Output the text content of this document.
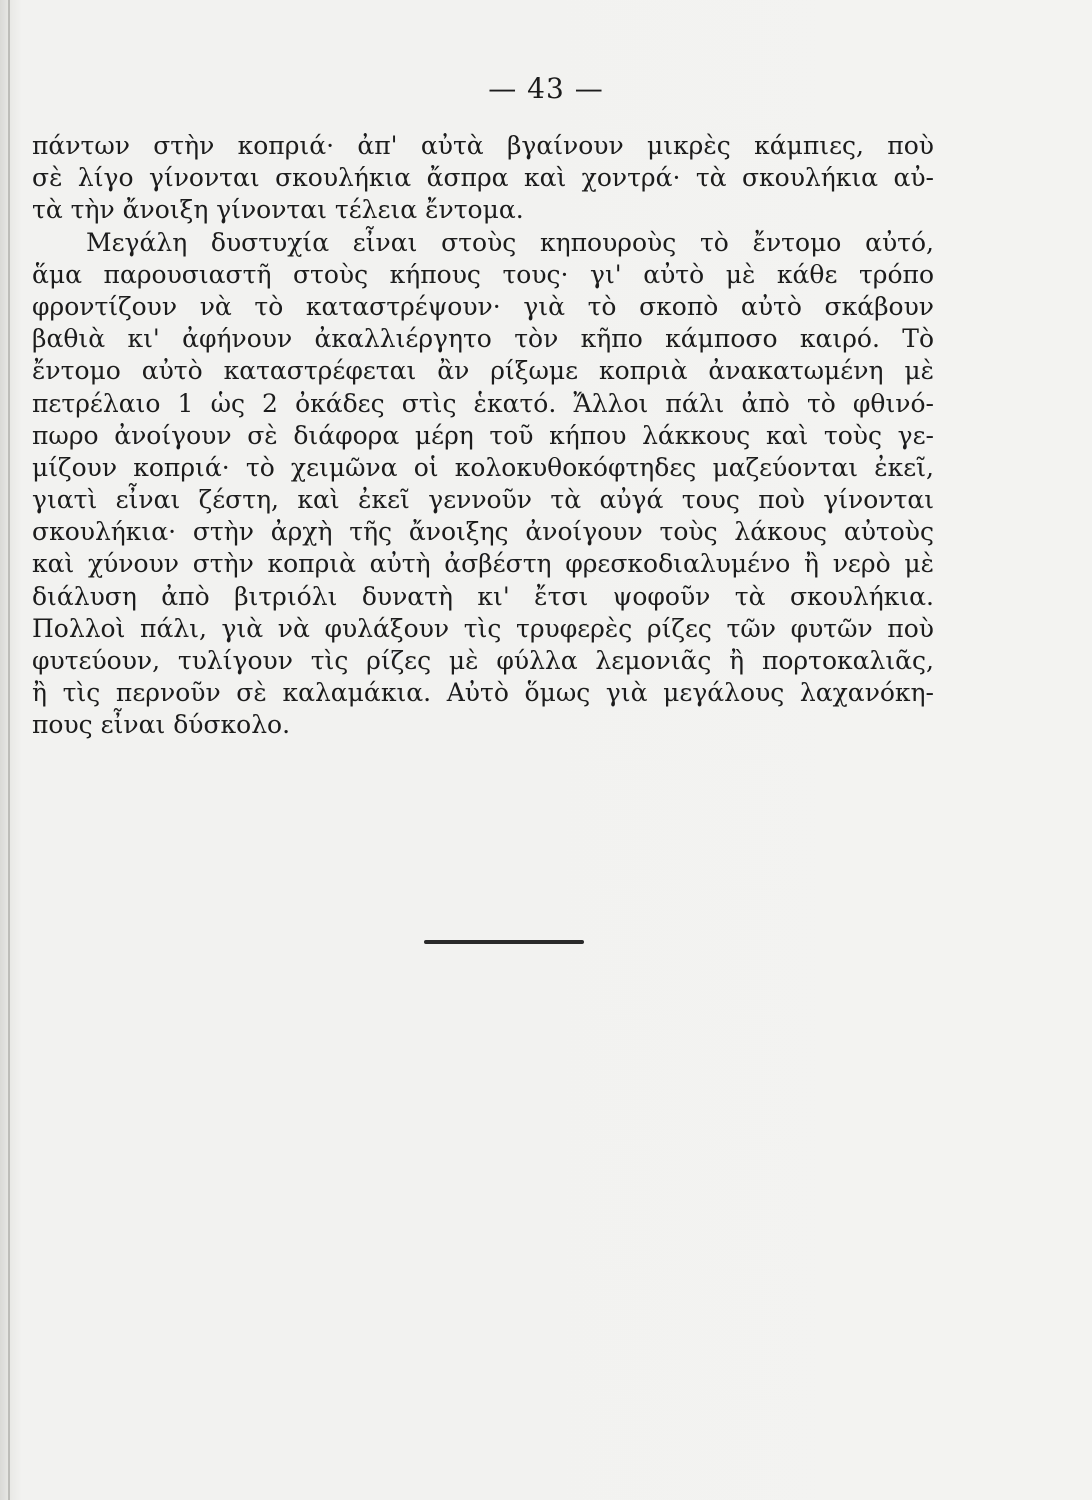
— 43 —
πάντων στὴν κοπριά· ἀπ' αὐτὰ βγαίνουν μικρὲς κάμπιες, ποὺ
σὲ λίγο γίνονται σκουλήκια ἄσπρα καὶ χοντρά· τὰ σκουλήκια αὐ-
τὰ τὴν ἄνοιξη γίνονται τέλεια ἔντομα.
Μεγάλη δυστυχία εἶναι στοὺς κηπουροὺς τὸ ἔντομο αὐτό,
ἅμα παρουσιαστῆ στοὺς κήπους τους· γι' αὐτὸ μὲ κάθε τρόπο
φροντίζουν νὰ τὸ καταστρέψουν· γιὰ τὸ σκοπὸ αὐτὸ σκάβουν
βαθιὰ κι' ἀφήνουν ἀκαλλιέργητο τὸν κῆπο κάμποσο καιρό. Τὸ
ἔντομο αὐτὸ καταστρέφεται ἂν ρίξωμε κοπριὰ ἀνακατωμένη μὲ
πετρέλαιο 1 ὡς 2 ὀκάδες στὶς ἑκατό. Ἄλλοι πάλι ἀπὸ τὸ φθινό-
πωρο ἀνοίγουν σὲ διάφορα μέρη τοῦ κήπου λάκκους καὶ τοὺς γε-
μίζουν κοπριά· τὸ χειμῶνα οἱ κολοκυθοκόφτηδες μαζεύονται ἐκεῖ,
γιατὶ εἶναι ζέστη, καὶ ἐκεῖ γεννοῦν τὰ αὐγά τους ποὺ γίνονται
σκουλήκια· στὴν ἀρχὴ τῆς ἄνοιξης ἀνοίγουν τοὺς λάκους αὐτοὺς
καὶ χύνουν στὴν κοπριὰ αὐτὴ ἀσβέστη φρεσκοδιαλυμένο ἢ νερὸ μὲ
διάλυση ἀπὸ βιτριόλι δυνατὴ κι' ἔτσι ψοφοῦν τὰ σκουλήκια.
Πολλοὶ πάλι, γιὰ νὰ φυλάξουν τὶς τρυφερὲς ρίζες τῶν φυτῶν ποὺ
φυτεύουν, τυλίγουν τὶς ρίζες μὲ φύλλα λεμονιᾶς ἢ πορτοκαλιᾶς,
ἢ τὶς περνοῦν σὲ καλαμάκια. Αὐτὸ ὅμως γιὰ μεγάλους λαχανόκη-
πους εἶναι δύσκολο.
